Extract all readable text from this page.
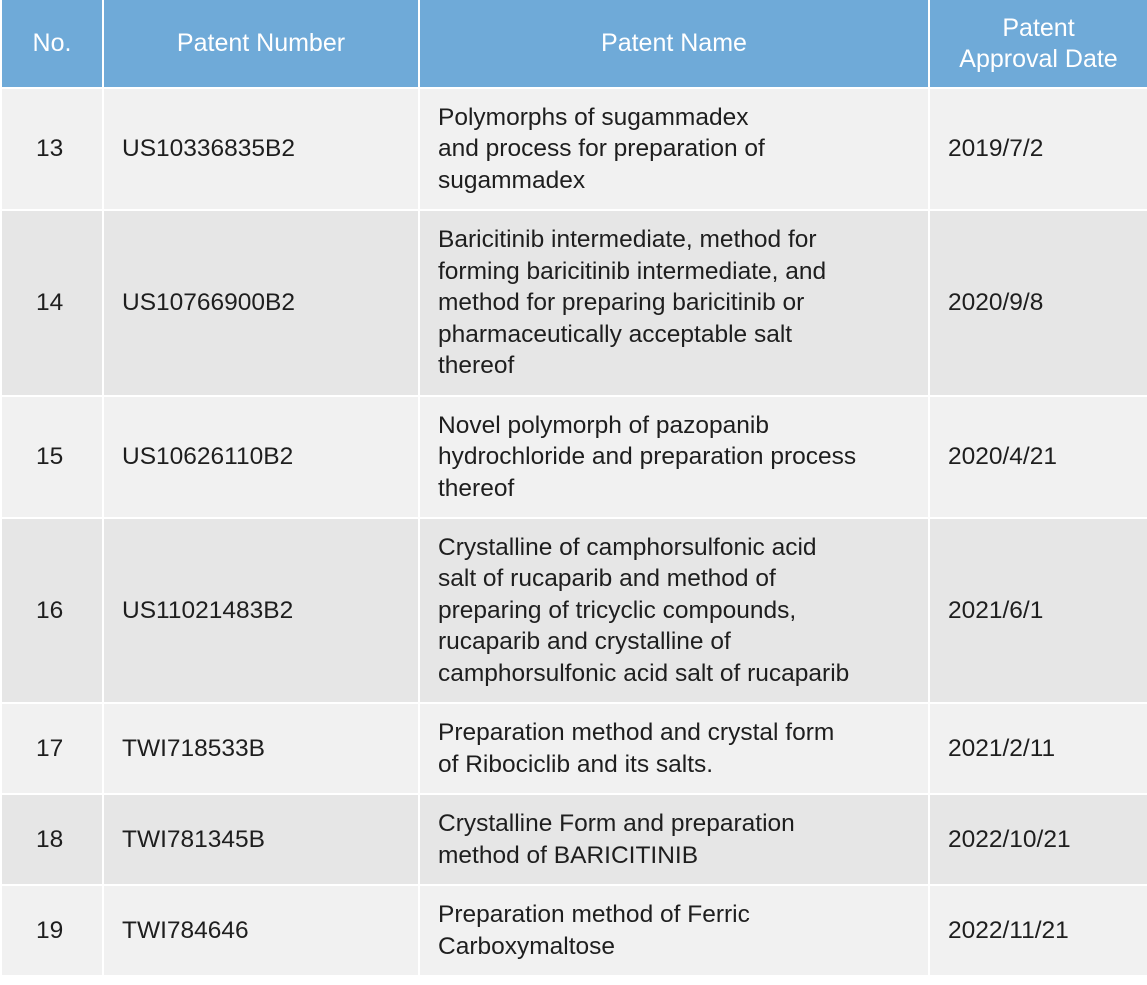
No.	Patent Number	Patent Name	Patent
Approval Date

13	US10336835B2	Polymorphs of sugammadex
and process for preparation of
sugammadex	2019/7/2
14	US10766900B2	Baricitinib intermediate, method for
forming baricitinib intermediate, and
method for preparing baricitinib or
pharmaceutically acceptable salt
thereof	2020/9/8
15	US10626110B2	Novel polymorph of pazopanib
hydrochloride and preparation process
thereof	2020/4/21
16	US11021483B2	Crystalline of camphorsulfonic acid
salt of rucaparib and method of
preparing of tricyclic compounds,
rucaparib and crystalline of
camphorsulfonic acid salt of rucaparib	2021/6/1
17	TWI718533B	Preparation method and crystal form
of Ribociclib and its salts.	2021/2/11
18	TWI781345B	Crystalline Form and preparation
method of BARICITINIB	2022/10/21
19	TWI784646	Preparation method of Ferric
Carboxymaltose	2022/11/21
